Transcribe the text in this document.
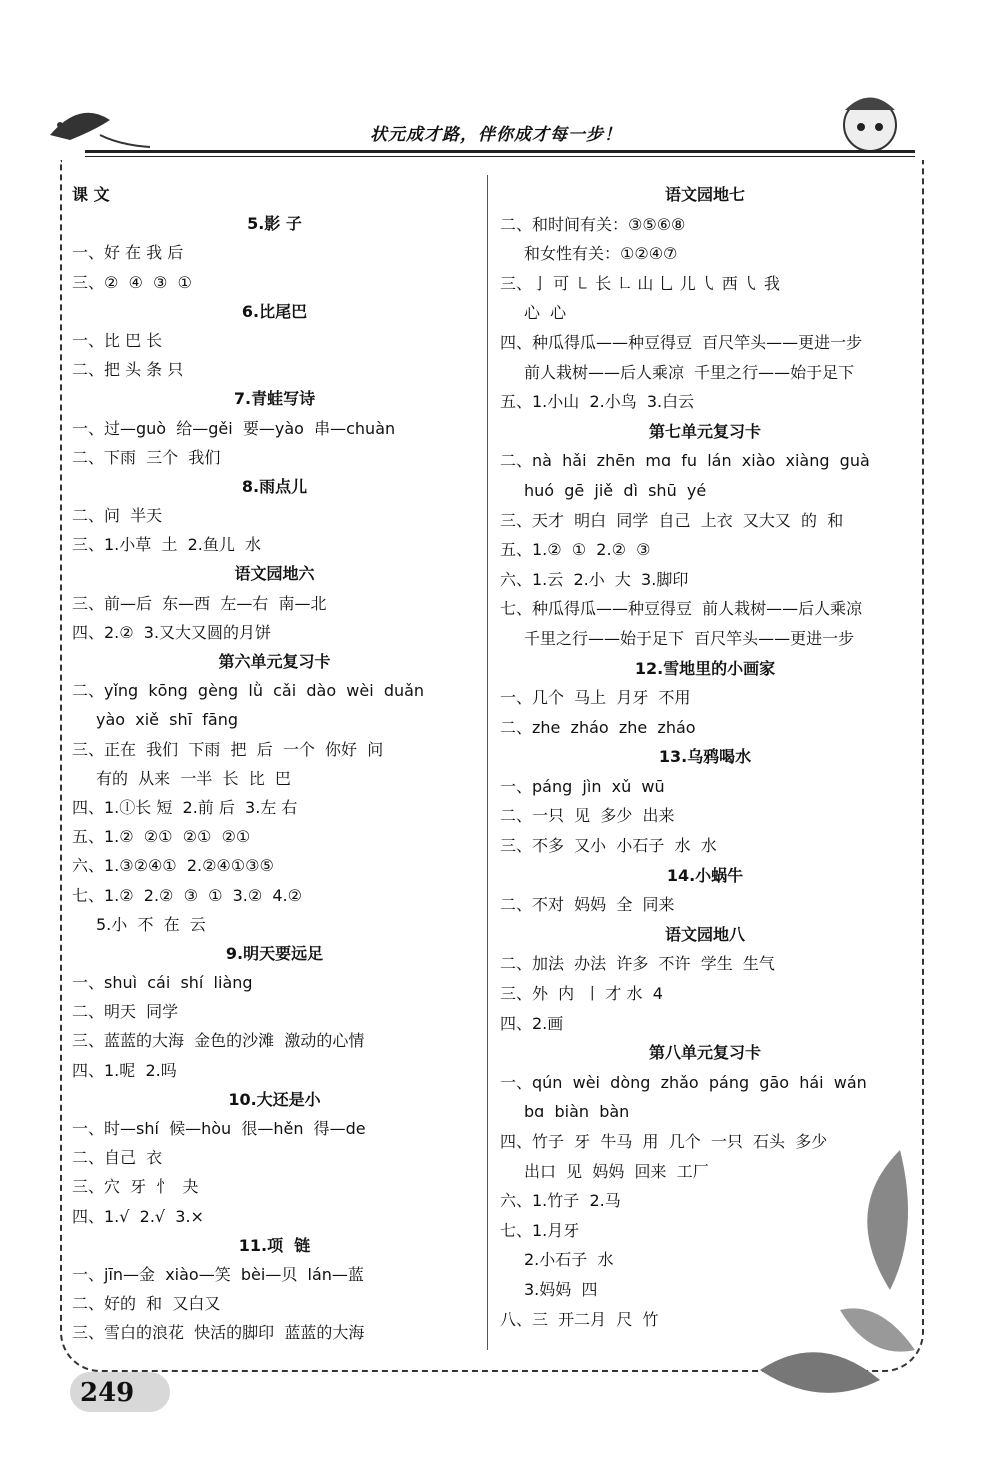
状元成才路，伴你成才每一步！
课 文
5.影 子
一、好 在 我 后
三、②  ④  ③  ①
6.比尾巴
一、比 巴 长
二、把 头 条 只
7.青蛙写诗
一、过—guò  给—gěi  要—yào  串—chuàn
二、下雨  三个  我们
8.雨点儿
二、问  半天
三、1.小草  土  2.鱼儿  水
语文园地六
三、前—后  东—西  左—右  南—北
四、2.②  3.又大又圆的月饼
第六单元复习卡
二、yǐng  kōng  gèng  lǜ  cǎi  dào  wèi  duǎn
yào  xiě  shī  fāng
三、正在  我们  下雨  把  后  一个  你好  问
有的  从来  一半  长  比  巴
四、1.ⓛ长 短  2.前 后  3.左 右
五、1.②  ②①  ②①  ②①
六、1.③②④①  2.②④①③⑤
七、1.②  2.②  ③  ①  3.②  4.②
5.小  不  在  云
9.明天要远足
一、shuì  cái  shí  liàng
二、明天  同学
三、蓝蓝的大海  金色的沙滩  激动的心情
四、1.呢  2.吗
10.大还是小
一、时—shí  候—hòu  很—hěn  得—de
二、自己  衣
三、穴  牙  忄  夬
四、1.√  2.√  3.×
11.项  链
一、jīn—金  xiào—笑  bèi—贝  lán—蓝
二、好的  和  又白又
三、雪白的浪花  快活的脚印  蓝蓝的大海
语文园地七
二、和时间有关：③⑤⑥⑧
和女性有关：①②④⑦
三、亅 可 ㇄ 长 ㇗ 山 乚 儿 ㇂ 西 ㇂ 我
心  心
四、种瓜得瓜——种豆得豆  百尺竿头——更进一步
前人栽树——后人乘凉  千里之行——始于足下
五、1.小山  2.小鸟  3.白云
第七单元复习卡
二、nà  hǎi  zhēn  mɑ  fu  lán  xiào  xiàng  guà
huó  gē  jiě  dì  shū  yé
三、天才  明白  同学  自己  上衣  又大又  的  和
五、1.②  ①  2.②  ③
六、1.云  2.小  大  3.脚印
七、种瓜得瓜——种豆得豆  前人栽树——后人乘凉
千里之行——始于足下  百尺竿头——更进一步
12.雪地里的小画家
一、几个  马上  月牙  不用
二、zhe  zháo  zhe  zháo
13.乌鸦喝水
一、páng  jìn  xǔ  wū
二、一只  见  多少  出来
三、不多  又小  小石子  水  水
14.小蜗牛
二、不对  妈妈  全  同来
语文园地八
二、加法  办法  许多  不许  学生  生气
三、外  内  丨 才 水  4
四、2.画
第八单元复习卡
一、qún  wèi  dòng  zhǎo  páng  gāo  hái  wán
bɑ  biàn  bàn
四、竹子  牙  牛马  用  几个  一只  石头  多少
出口  见  妈妈  回来  工厂
六、1.竹子  2.马
七、1.月牙
2.小石子  水
3.妈妈  四
八、三  开二月  尺  竹
249
